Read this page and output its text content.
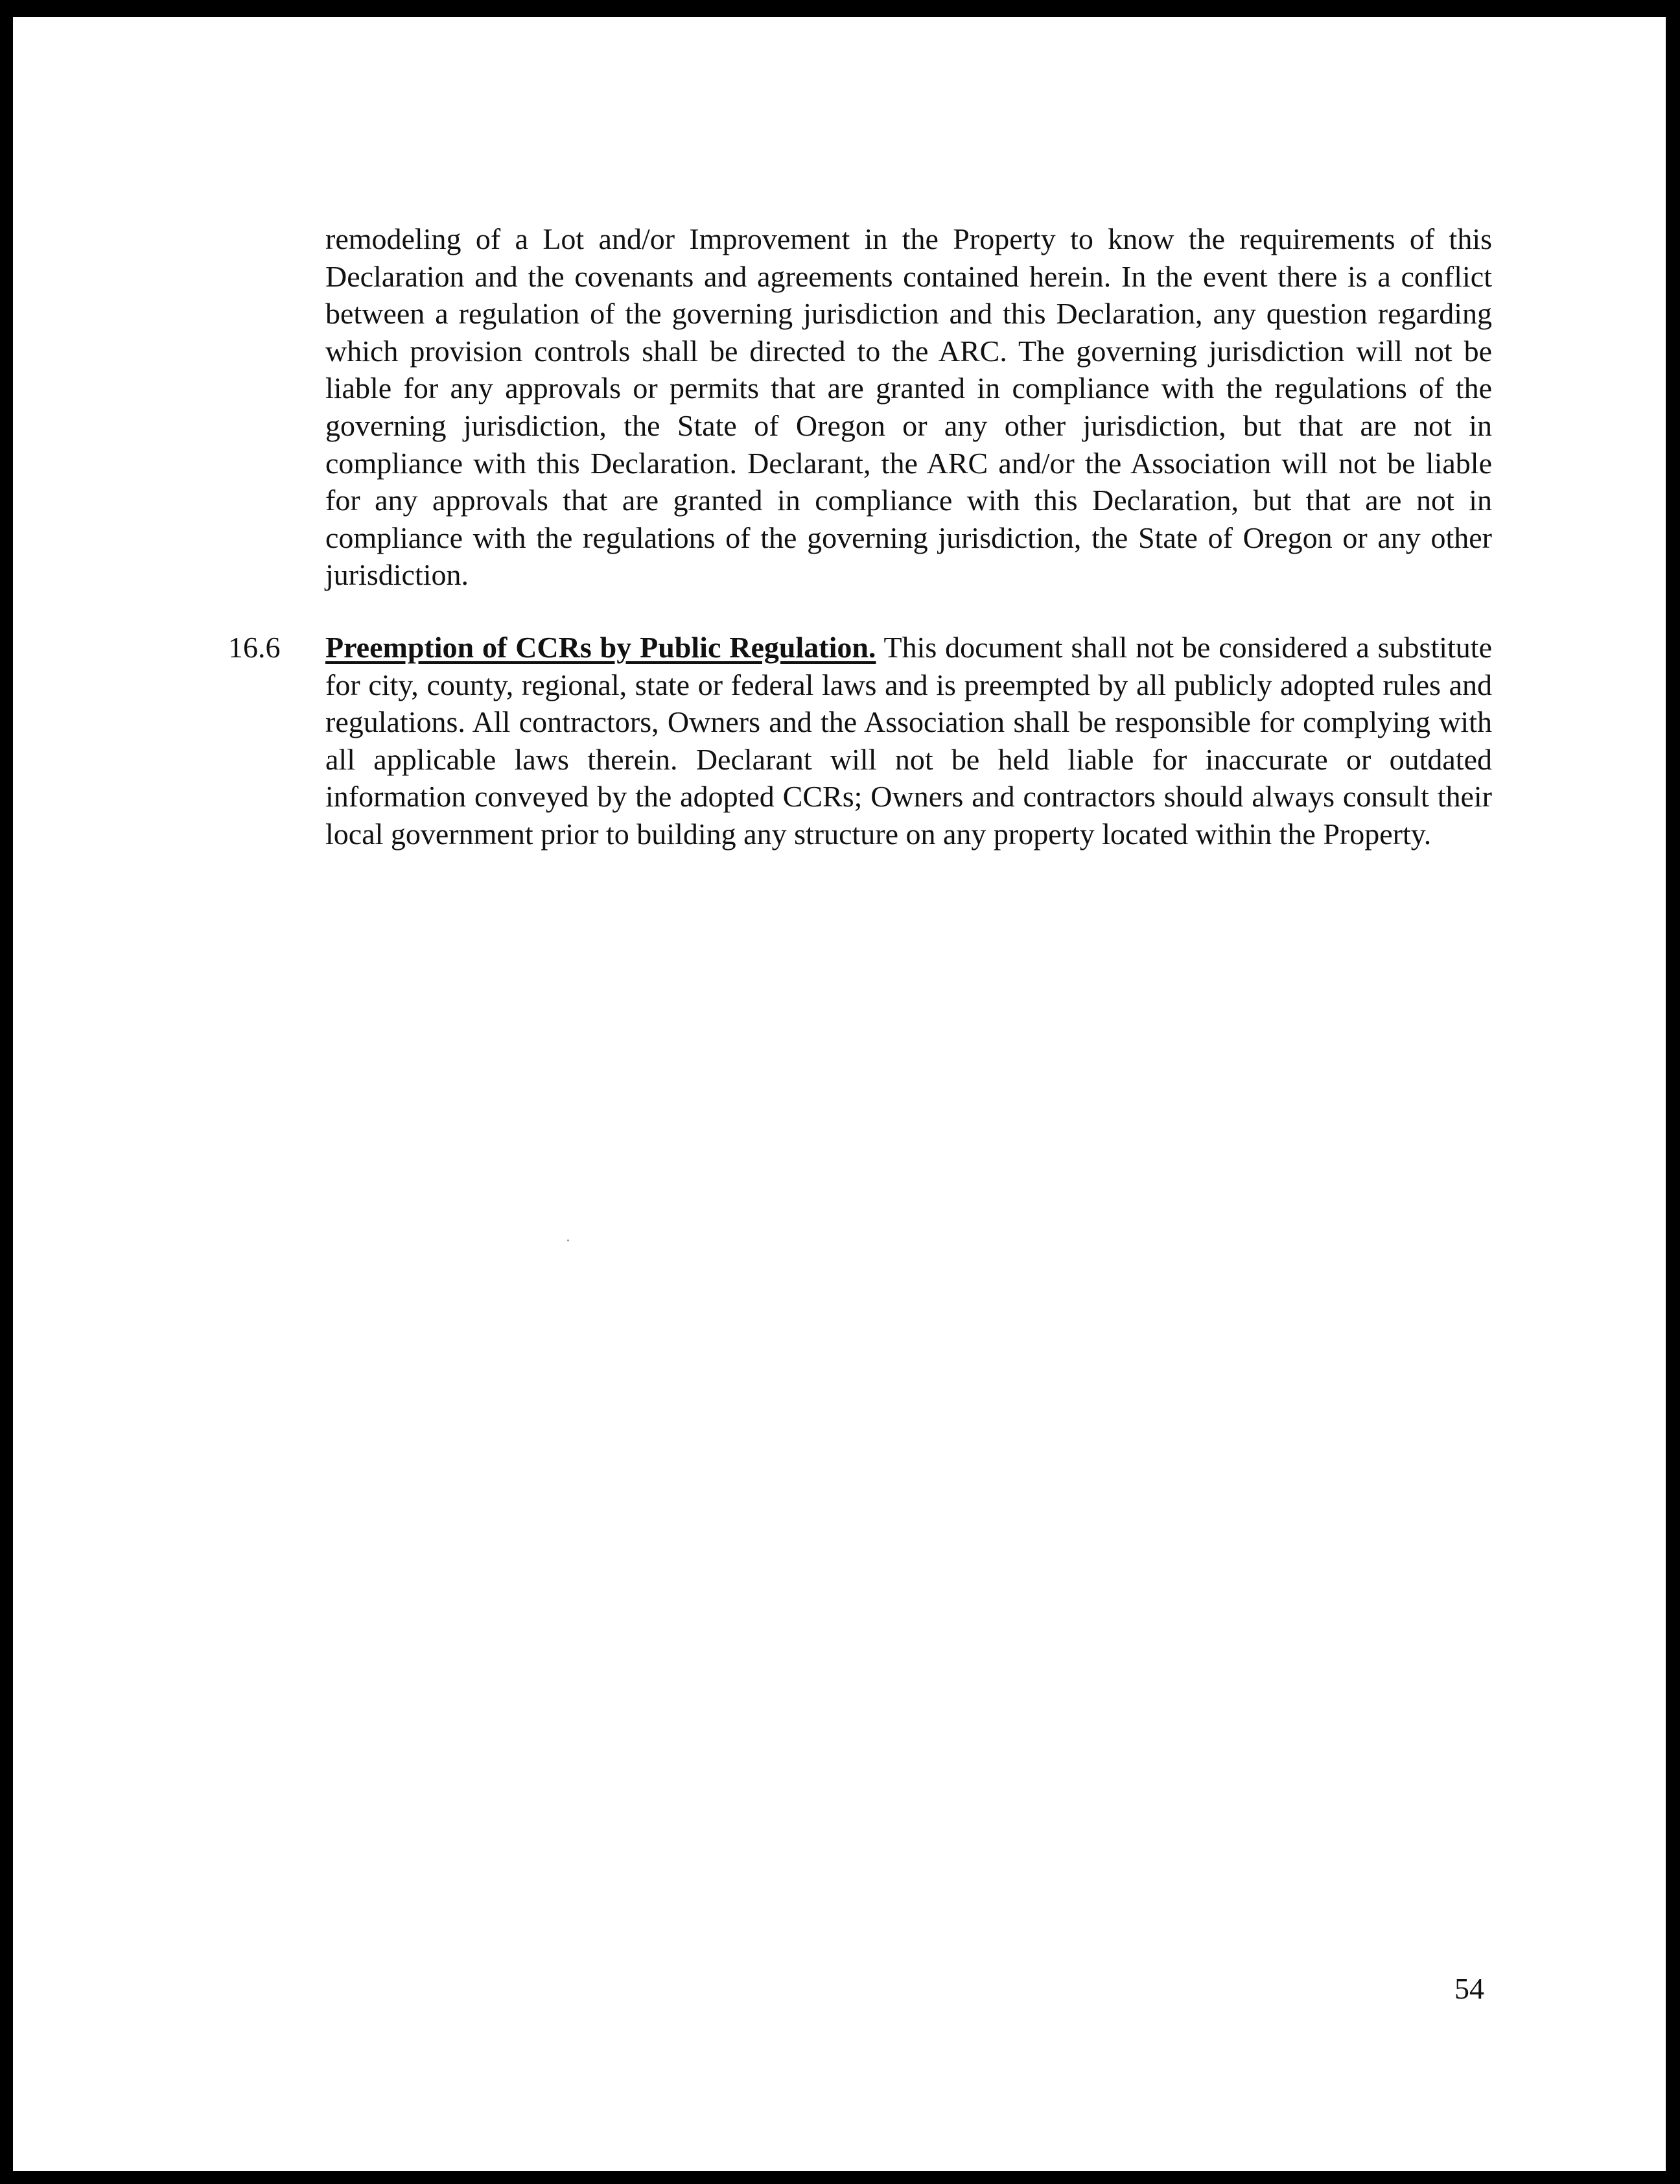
remodeling of a Lot and/or Improvement in the Property to know the requirements of this Declaration and the covenants and agreements contained herein. In the event there is a conflict between a regulation of the governing jurisdiction and this Declaration, any question regarding which provision controls shall be directed to the ARC. The governing jurisdiction will not be liable for any approvals or permits that are granted in compliance with the regulations of the governing jurisdiction, the State of Oregon or any other jurisdiction, but that are not in compliance with this Declaration. Declarant, the ARC and/or the Association will not be liable for any approvals that are granted in compliance with this Declaration, but that are not in compliance with the regulations of the governing jurisdiction, the State of Oregon or any other jurisdiction.

16.6 Preemption of CCRs by Public Regulation. This document shall not be considered a substitute for city, county, regional, state or federal laws and is preempted by all publicly adopted rules and regulations. All contractors, Owners and the Association shall be responsible for complying with all applicable laws therein. Declarant will not be held liable for inaccurate or outdated information conveyed by the adopted CCRs; Owners and contractors should always consult their local government prior to building any structure on any property located within the Property.

54
